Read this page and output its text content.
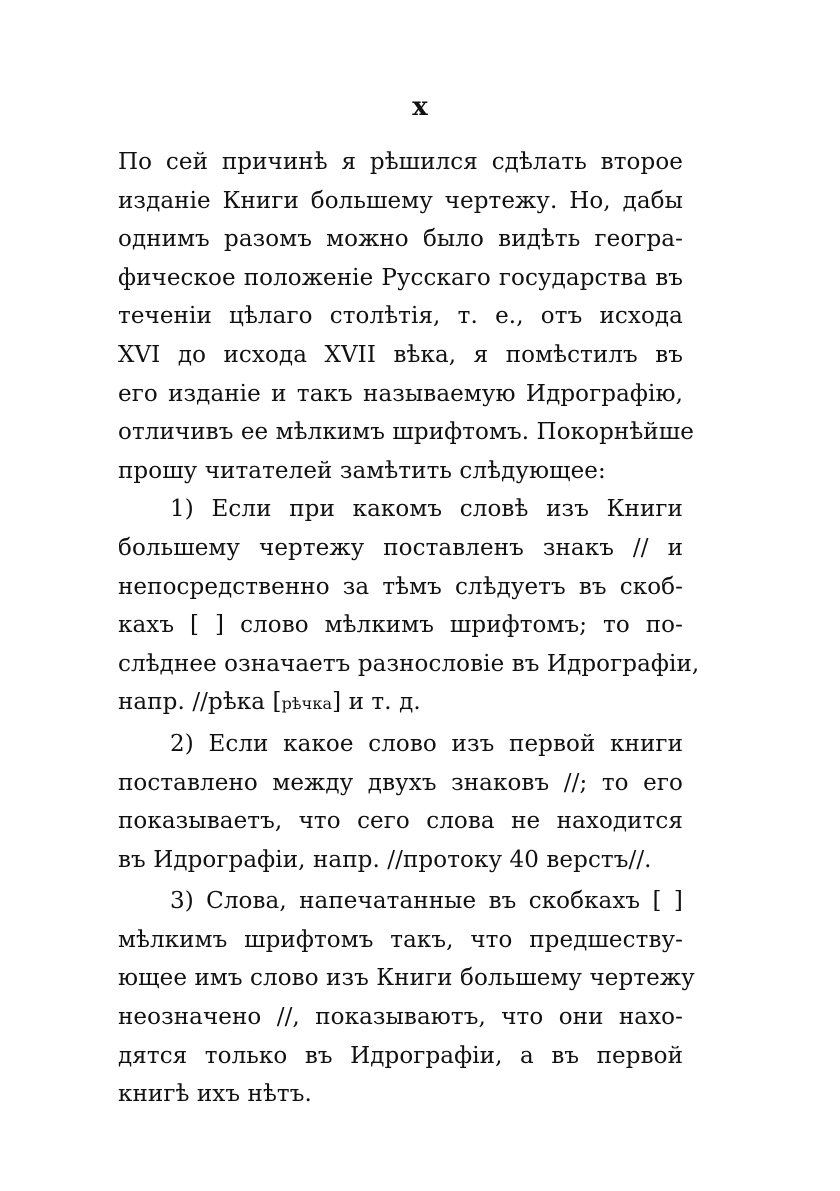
x
По сей причинѣ я рѣшился сдѣлать второе
изданіе Книги большему чертежу. Но, дабы
однимъ разомъ можно было видѣть геогра-
фическое положеніе Русскаго государства въ
теченіи цѣлаго столѣтія, т. е., отъ исхода
XVI до исхода XVII вѣка, я помѣстилъ въ
его изданіе и такъ называемую Идрографію,
отличивъ ее мѣлкимъ шрифтомъ. Покорнѣйше
прошу читателей замѣтить слѣдующее:
1) Если при какомъ словѣ изъ Книги
большему чертежу поставленъ знакъ // и
непосредственно за тѣмъ слѣдуетъ въ скоб-
кахъ [ ] слово мѣлкимъ шрифтомъ; то по-
слѣднее означаетъ разнословіе въ Идрографіи,
напр. //рѣка [рѣчка] и т. д.
2) Если какое слово изъ первой книги
поставлено между двухъ знаковъ //; то его
показываетъ, что сего слова не находится
въ Идрографіи, напр. //протоку 40 верстъ//.
3) Слова, напечатанные въ скобкахъ [ ]
мѣлкимъ шрифтомъ такъ, что предшеству-
ющее имъ слово изъ Книги большему чертежу
неозначено //, показываютъ, что они нахо-
дятся только въ Идрографіи, а въ первой
книгѣ ихъ нѣтъ.
